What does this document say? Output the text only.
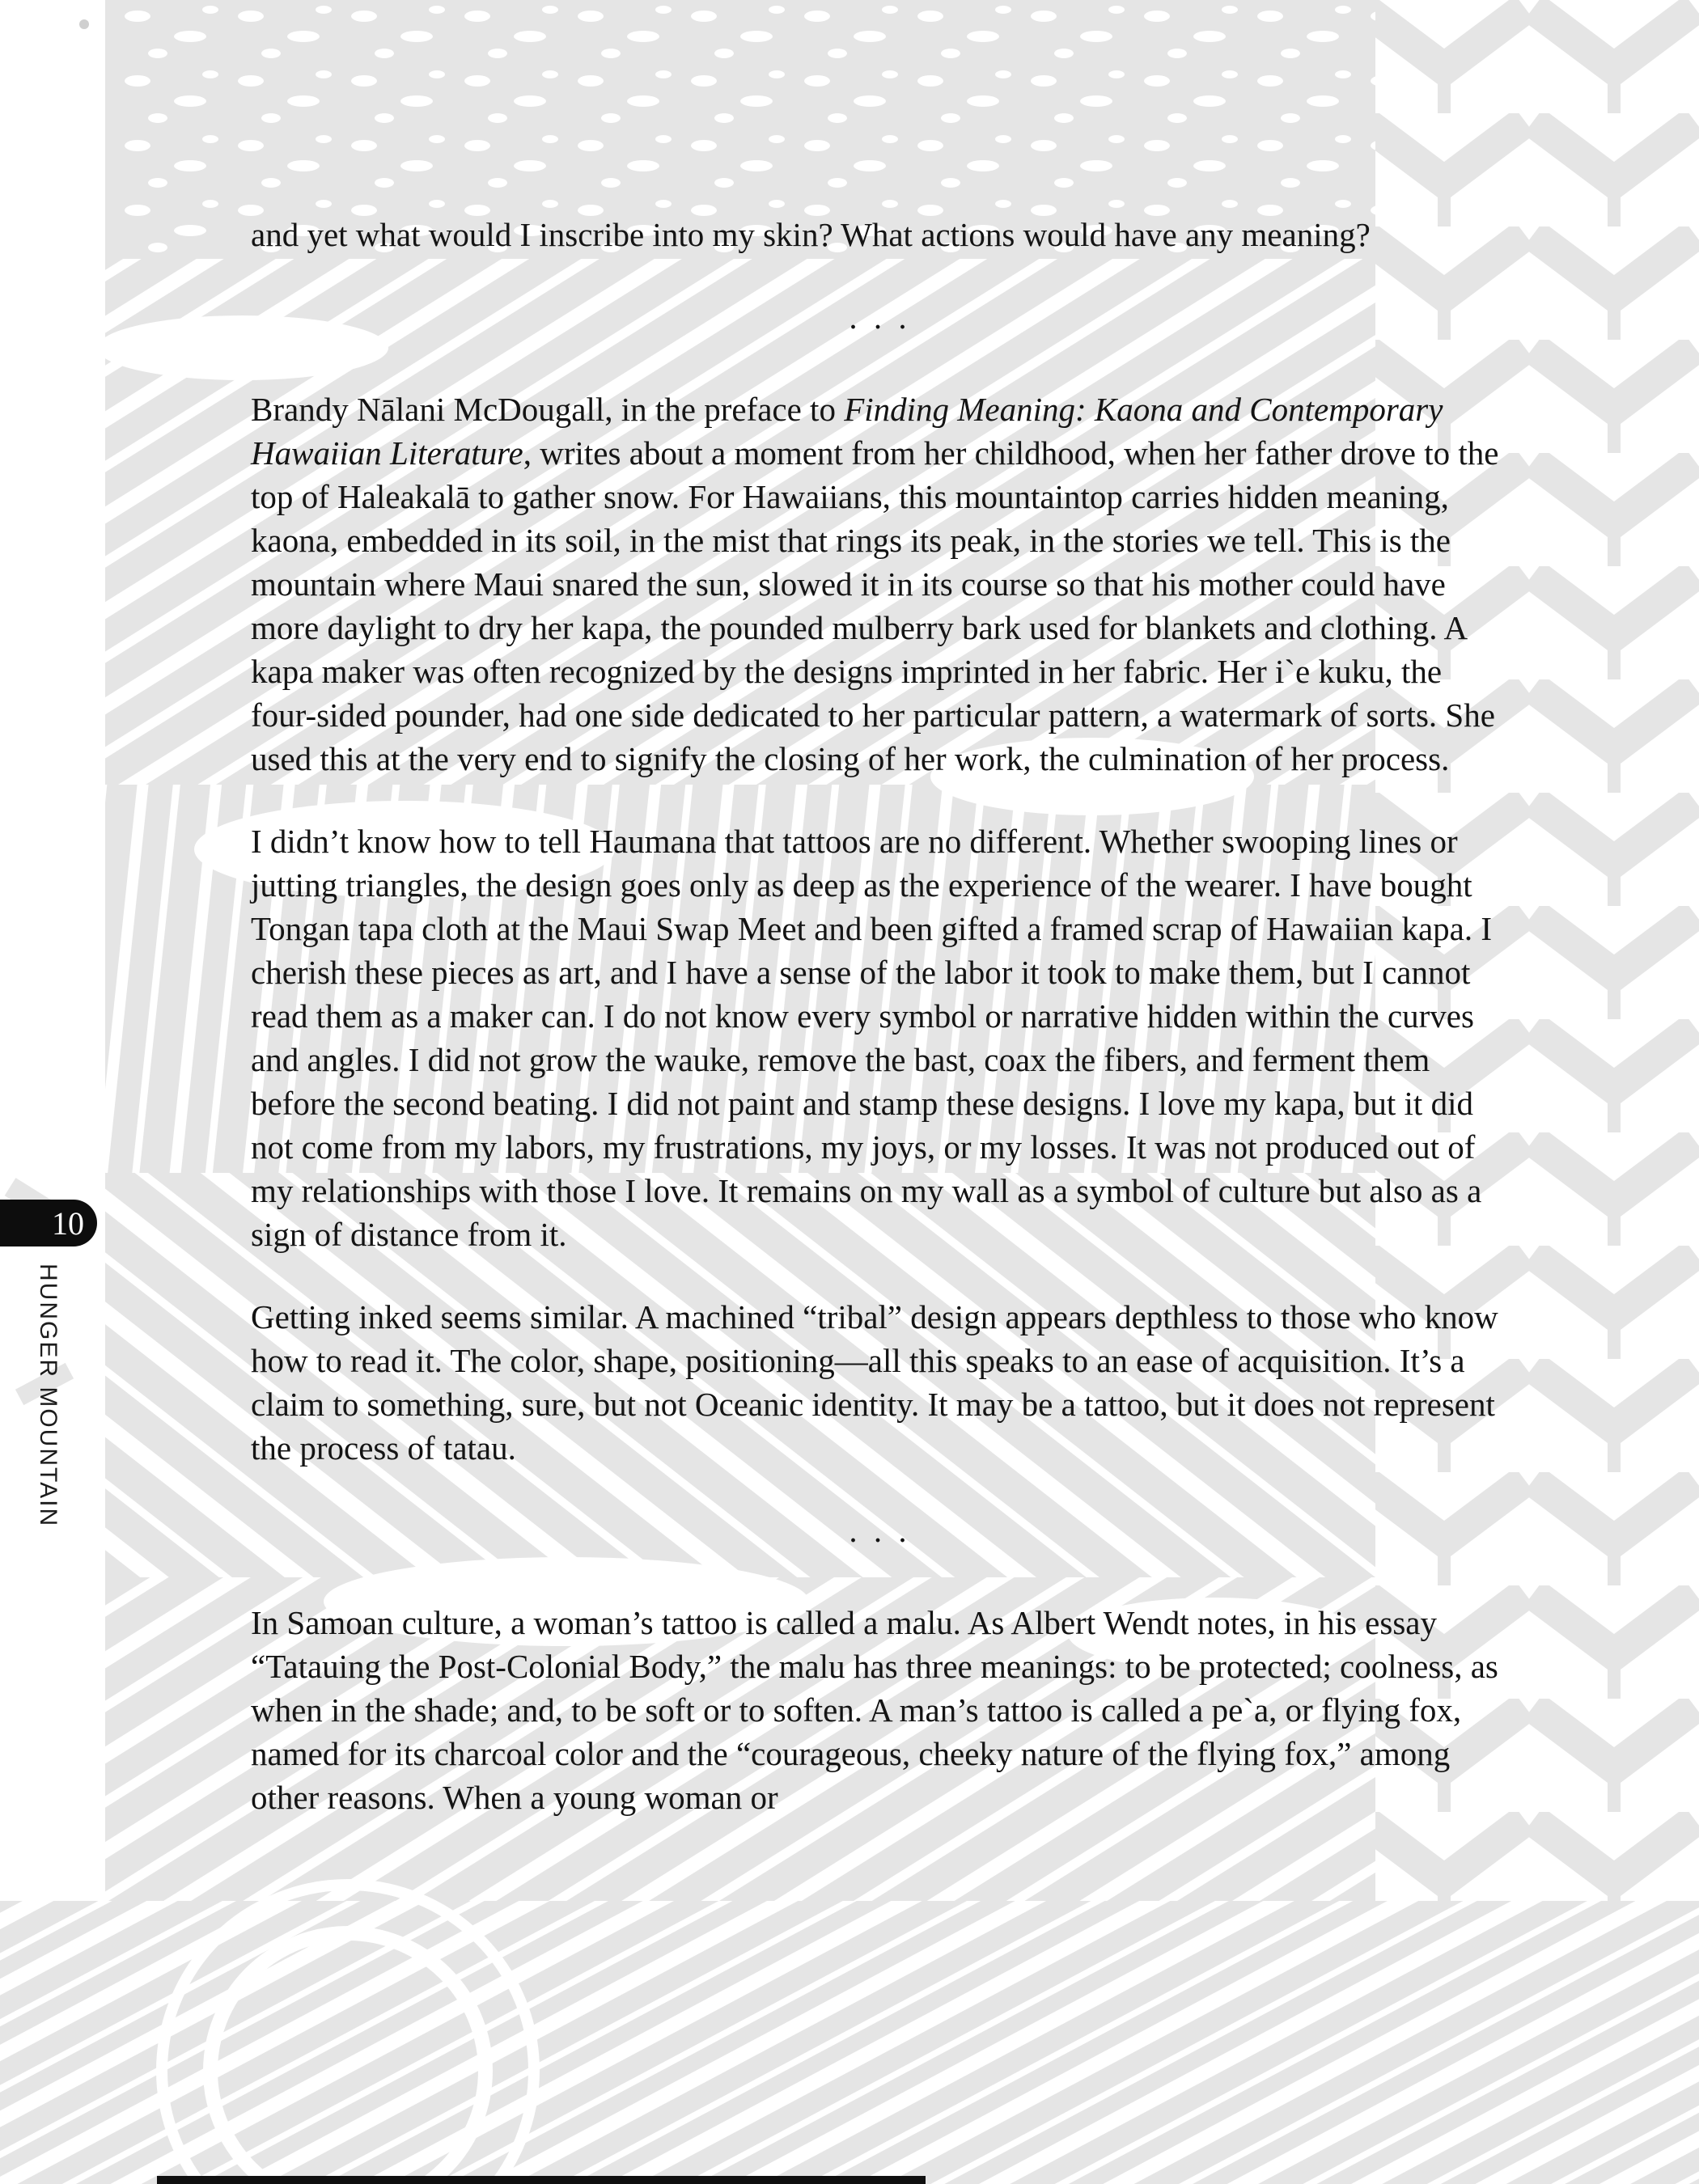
10
HUNGER MOUNTAIN

and yet what would I inscribe into my skin? What actions would have any meaning?

. . .

Brandy Nālani McDougall, in the preface to Finding Meaning: Kaona and Contemporary Hawaiian Literature, writes about a moment from her childhood, when her father drove to the top of Haleakalā to gather snow. For Hawaiians, this mountaintop carries hidden meaning, kaona, embedded in its soil, in the mist that rings its peak, in the stories we tell. This is the mountain where Maui snared the sun, slowed it in its course so that his mother could have more daylight to dry her kapa, the pounded mulberry bark used for blankets and clothing. A kapa maker was often recognized by the designs imprinted in her fabric. Her i`e kuku, the four-sided pounder, had one side dedicated to her particular pattern, a watermark of sorts. She used this at the very end to signify the closing of her work, the culmination of her process.

I didn’t know how to tell Haumana that tattoos are no different. Whether swooping lines or jutting triangles, the design goes only as deep as the experience of the wearer. I have bought Tongan tapa cloth at the Maui Swap Meet and been gifted a framed scrap of Hawaiian kapa. I cherish these pieces as art, and I have a sense of the labor it took to make them, but I cannot read them as a maker can. I do not know every symbol or narrative hidden within the curves and angles. I did not grow the wauke, remove the bast, coax the fibers, and ferment them before the second beating. I did not paint and stamp these designs. I love my kapa, but it did not come from my labors, my frustrations, my joys, or my losses. It was not produced out of my relationships with those I love. It remains on my wall as a symbol of culture but also as a sign of distance from it.

Getting inked seems similar. A machined “tribal” design appears depthless to those who know how to read it. The color, shape, positioning—all this speaks to an ease of acquisition. It’s a claim to something, sure, but not Oceanic identity. It may be a tattoo, but it does not represent the process of tatau.

. . .

In Samoan culture, a woman’s tattoo is called a malu. As Albert Wendt notes, in his essay “Tatauing the Post-Colonial Body,” the malu has three meanings: to be protected; coolness, as when in the shade; and, to be soft or to soften. A man’s tattoo is called a pe`a, or flying fox, named for its charcoal color and the “courageous, cheeky nature of the flying fox,” among other reasons. When a young woman or
